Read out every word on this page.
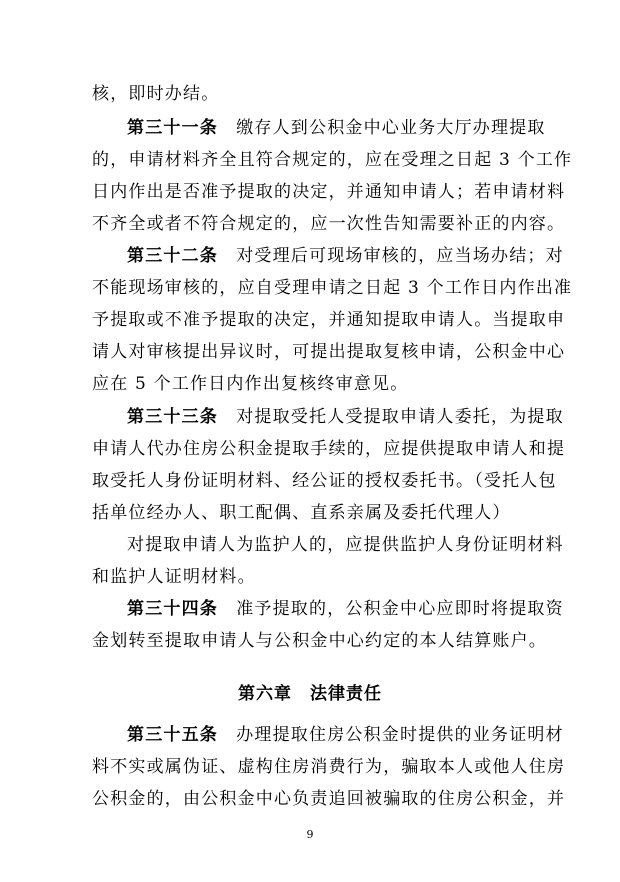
核，即时办结。
第三十一条　 缴存人到公积金中心业务大厅办理提取
的，申请材料齐全且符合规定的，应在受理之日起 3 个工作
日内作出是否准予提取的决定，并通知申请人；若申请材料
不齐全或者不符合规定的，应一次性告知需要补正的内容。
第三十二条　 对受理后可现场审核的，应当场办结；对
不能现场审核的，应自受理申请之日起 3 个工作日内作出准
予提取或不准予提取的决定，并通知提取申请人。当提取申
请人对审核提出异议时，可提出提取复核申请，公积金中心
应在 5 个工作日内作出复核终审意见。
第三十三条　 对提取受托人受提取申请人委托，为提取
申请人代办住房公积金提取手续的，应提供提取申请人和提
取受托人身份证明材料、经公证的授权委托书。（受托人包
括单位经办人、职工配偶、直系亲属及委托代理人）
对提取申请人为监护人的，应提供监护人身份证明材料
和监护人证明材料。
第三十四条　 准予提取的，公积金中心应即时将提取资
金划转至提取申请人与公积金中心约定的本人结算账户。
第六章　法律责任
第三十五条　 办理提取住房公积金时提供的业务证明材
料不实或属伪证、虚构住房消费行为，骗取本人或他人住房
公积金的，由公积金中心负责追回被骗取的住房公积金，并
9
